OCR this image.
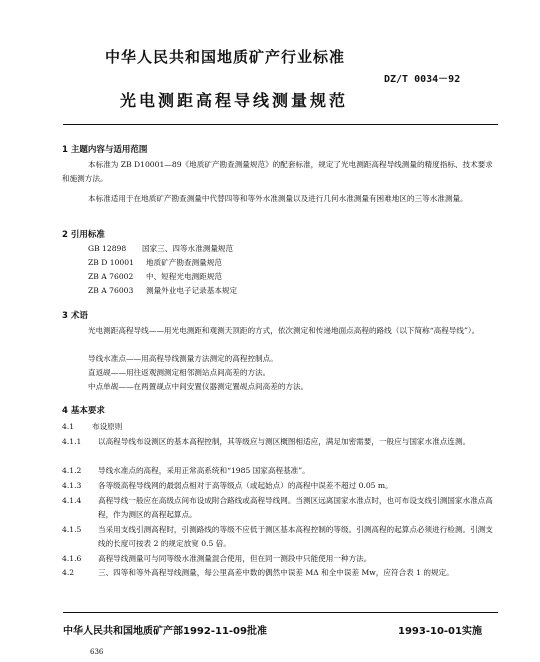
中华人民共和国地质矿产行业标准
DZ/T 0034－92
光电测距高程导线测量规范
1 主题内容与适用范围
本标准为 ZB D10001—89《地质矿产勘查测量规范》的配套标准，规定了光电测距高程导线测量的精度指标、技术要求和施测方法。
本标准适用于在地质矿产勘查测量中代替四等和等外水准测量以及进行几何水准测量有困难地区的三等水准测量。
2 引用标准
GB 12898 国家三、四等水准测量规范
ZB D 10001 地质矿产勘查测量规范
ZB A 76002 中、短程光电测距规范
ZB A 76003 测量外业电子记录基本规定
3 术语
光电测距高程导线——用光电测距和观测天顶距的方式，依次测定和传递地面点高程的路线（以下简称“高程导线”）。
导线水准点——用高程导线测量方法测定的高程控制点。
直返觇——用往返观测测定相邻测站点间高差的方法。
中点单觇——在两置觇点中间安置仪器测定置觇点间高差的方法。
4 基本要求
4.1 布设原则
4.1.1 以高程导线布设测区的基本高程控制，其等级应与测区概图相适应，满足加密需要，一般应与国家水准点连测。
4.1.2 导线水准点的高程，采用正常高系统和“1985 国家高程基准”。
4.1.3 各等级高程导线网的最弱点相对于高等级点（或起始点）的高程中误差不超过 0.05 m。
4.1.4 高程导线一般应在高级点间布设成附合路线或高程导线网。当测区远离国家水准点时，也可布设支线引测国家水准点高程，作为测区的高程起算点。
4.1.5 当采用支线引测高程时，引测路线的等级不应低于测区基本高程控制的等级。引测高程的起算点必须进行检测。引测支线的长度可按表 2 的规定放宽 0.5 倍。
4.1.6 高程导线测量可与同等级水准测量混合使用，但在同一测段中只能使用一种方法。
4.2	三、四等和等外高程导线测量，每公里高差中数的偶然中误差 MΔ 和全中误差 Mw，应符合表 1 的规定。
中华人民共和国地质矿产部1992-11-09批准	1993-10-01实施
636
